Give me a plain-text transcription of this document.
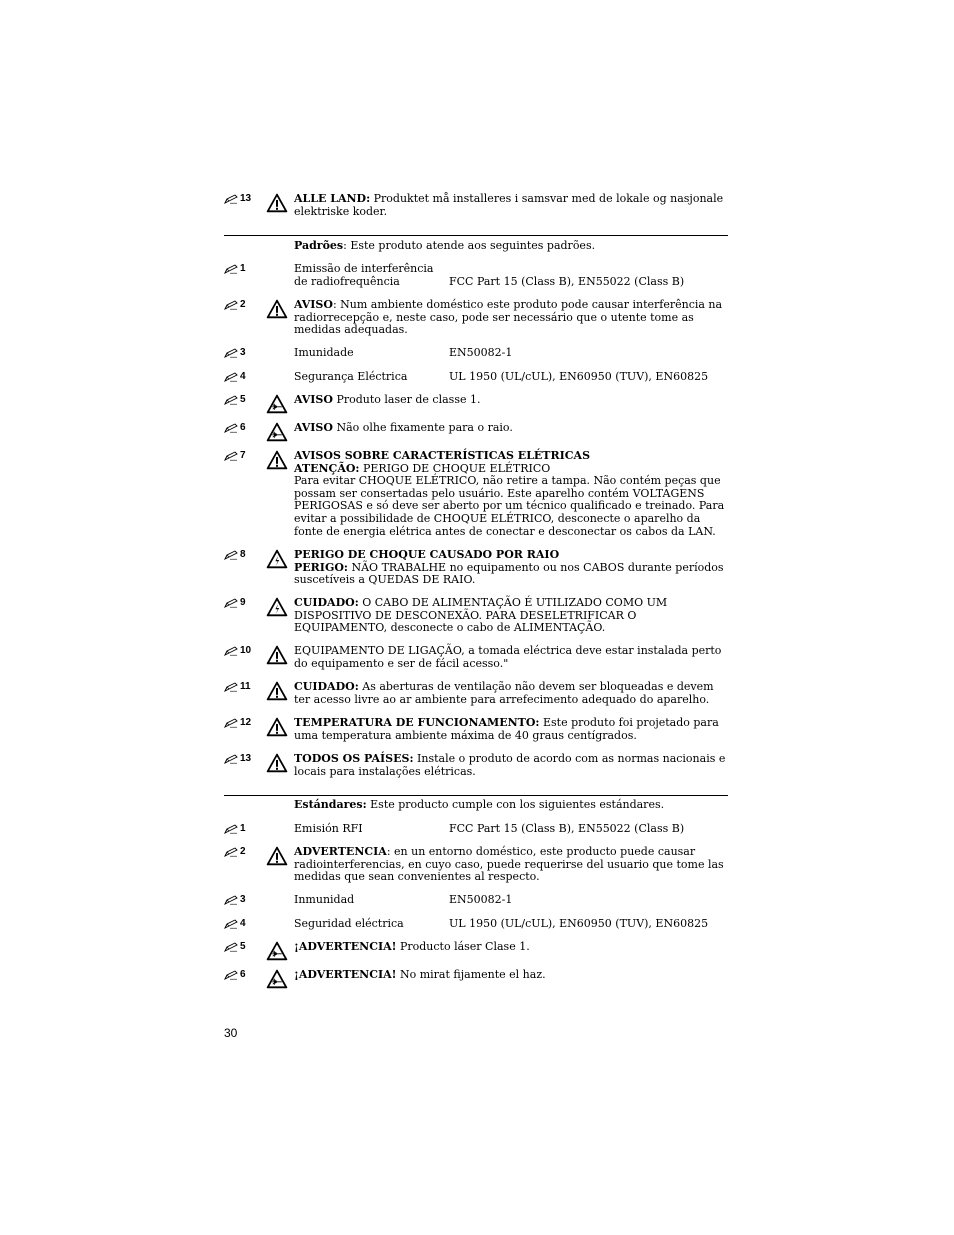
13	ALLE LAND: Produktet må installeres i samsvar med de lokale og nasjonale elektriske koder.
Padrões: Este produto atende aos seguintes padrões.
1	Emissão de interferência de radiofrequência	FCC Part 15 (Class B), EN55022 (Class B)
2	AVISO: Num ambiente doméstico este produto pode causar interferência na radiorrecepção e, neste caso, pode ser necessário que o utente tome as medidas adequadas.
3	Imunidade	EN50082-1
4	Segurança Eléctrica	UL 1950 (UL/cUL), EN60950 (TUV), EN60825
5	AVISO Produto laser de classe 1.
6	AVISO Não olhe fixamente para o raio.
7	AVISOS SOBRE CARACTERÍSTICAS ELÉTRICAS
ATENÇÃO: PERIGO DE CHOQUE ELÉTRICO
Para evitar CHOQUE ELÉTRICO, não retire a tampa. Não contém peças que possam ser consertadas pelo usuário. Este aparelho contém VOLTAGENS PERIGOSAS e só deve ser aberto por um técnico qualificado e treinado. Para evitar a possibilidade de CHOQUE ELÉTRICO, desconecte o aparelho da fonte de energia elétrica antes de conectar e desconectar os cabos da LAN.
8	PERIGO DE CHOQUE CAUSADO POR RAIO
PERIGO: NÃO TRABALHE no equipamento ou nos CABOS durante períodos suscetíveis a QUEDAS DE RAIO.
9	CUIDADO: O CABO DE ALIMENTAÇÃO É UTILIZADO COMO UM DISPOSITIVO DE DESCONEXÃO. PARA DESELETRIFICAR O EQUIPAMENTO, desconecte o cabo de ALIMENTAÇÃO.
10	EQUIPAMENTO DE LIGAÇÃO, a tomada eléctrica deve estar instalada perto do equipamento e ser de fácil acesso."
11	CUIDADO: As aberturas de ventilação não devem ser bloqueadas e devem ter acesso livre ao ar ambiente para arrefecimento adequado do aparelho.
12	TEMPERATURA DE FUNCIONAMENTO: Este produto foi projetado para uma temperatura ambiente máxima de 40 graus centígrados.
13	TODOS OS PAÍSES: Instale o produto de acordo com as normas nacionais e locais para instalações elétricas.
Estándares: Este producto cumple con los siguientes estándares.
1	Emisión RFI	FCC Part 15 (Class B), EN55022 (Class B)
2	ADVERTENCIA: en un entorno doméstico, este producto puede causar radiointerferencias, en cuyo caso, puede requerirse del usuario que tome las medidas que sean convenientes al respecto.
3	Inmunidad	EN50082-1
4	Seguridad eléctrica	UL 1950 (UL/cUL), EN60950 (TUV), EN60825
5	¡ADVERTENCIA! Producto láser Clase 1.
6	¡ADVERTENCIA! No mirat fijamente el haz.
30
